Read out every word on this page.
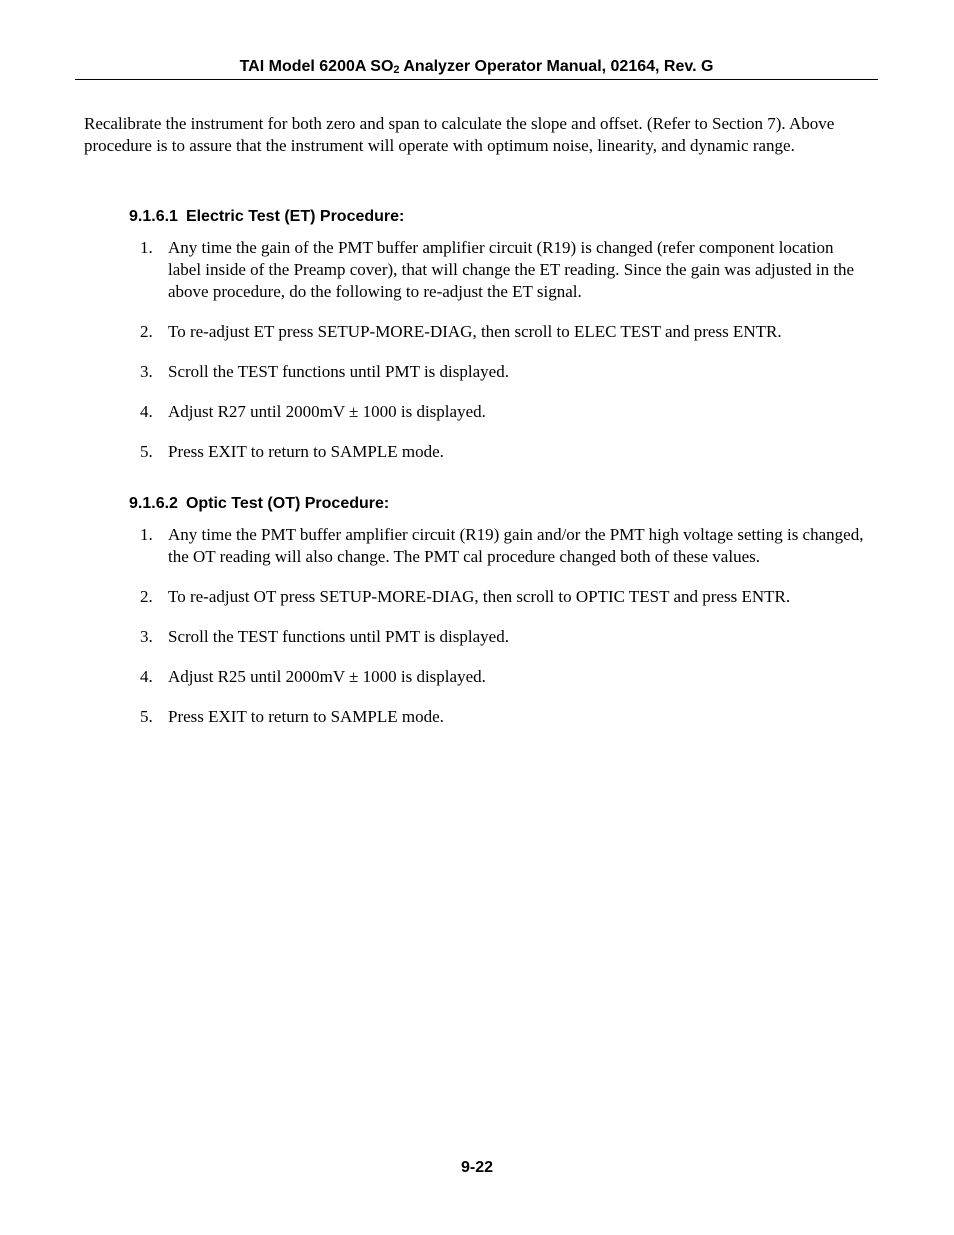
TAI Model 6200A $SO_2$ Analyzer Operator Manual, 02164, Rev. G

Recalibrate the instrument for both zero and span to calculate the slope and offset. (Refer to Section 7). Above procedure is to assure that the instrument will operate with optimum noise, linearity, and dynamic range.

9.1.6.1 Electric Test (ET) Procedure:
1. Any time the gain of the PMT buffer amplifier circuit (R19) is changed (refer component location label inside of the Preamp cover), that will change the ET reading. Since the gain was adjusted in the above procedure, do the following to re-adjust the ET signal.
2. To re-adjust ET press SETUP-MORE-DIAG, then scroll to ELEC TEST and press ENTR.
3. Scroll the TEST functions until PMT is displayed.
4. Adjust R27 until 2000mV ± 1000 is displayed.
5. Press EXIT to return to SAMPLE mode.
9.1.6.2 Optic Test (OT) Procedure:
1. Any time the PMT buffer amplifier circuit (R19) gain and/or the PMT high voltage setting is changed, the OT reading will also change. The PMT cal procedure changed both of these values.
2. To re-adjust OT press SETUP-MORE-DIAG, then scroll to OPTIC TEST and press ENTR.
3. Scroll the TEST functions until PMT is displayed.
4. Adjust R25 until 2000mV ± 1000 is displayed.
5. Press EXIT to return to SAMPLE mode.
9-22
